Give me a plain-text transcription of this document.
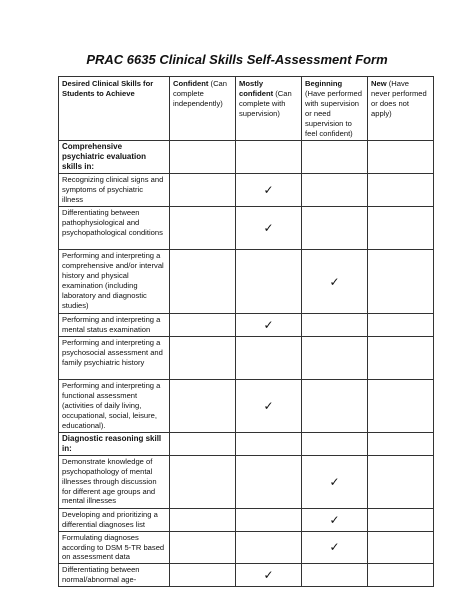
PRAC 6635 Clinical Skills Self-Assessment Form
Desired Clinical Skills for Students to Achieve	Confident (Can complete independently)	Mostly confident (Can complete with supervision)	Beginning (Have performed with supervision or need supervision to feel confident)	New (Have never performed or does not apply)
Comprehensive psychiatric evaluation skills in:				
Recognizing clinical signs and symptoms of psychiatric illness		✓		
Differentiating between pathophysiological and psychopathological conditions		✓		
Performing and interpreting a comprehensive and/or interval history and physical examination (including laboratory and diagnostic studies)			✓	
Performing and interpreting a mental status examination		✓		
Performing and interpreting a psychosocial assessment and family psychiatric history				
Performing and interpreting a functional assessment (activities of daily living, occupational, social, leisure, educational).		✓		
Diagnostic reasoning skill in:				
Demonstrate knowledge of psychopathology of mental illnesses through discussion for different age groups and mental illnesses			✓	
Developing and prioritizing a differential diagnoses list			✓	
Formulating diagnoses according to DSM 5-TR based on assessment data			✓	
Differentiating between normal/abnormal age-		✓		
